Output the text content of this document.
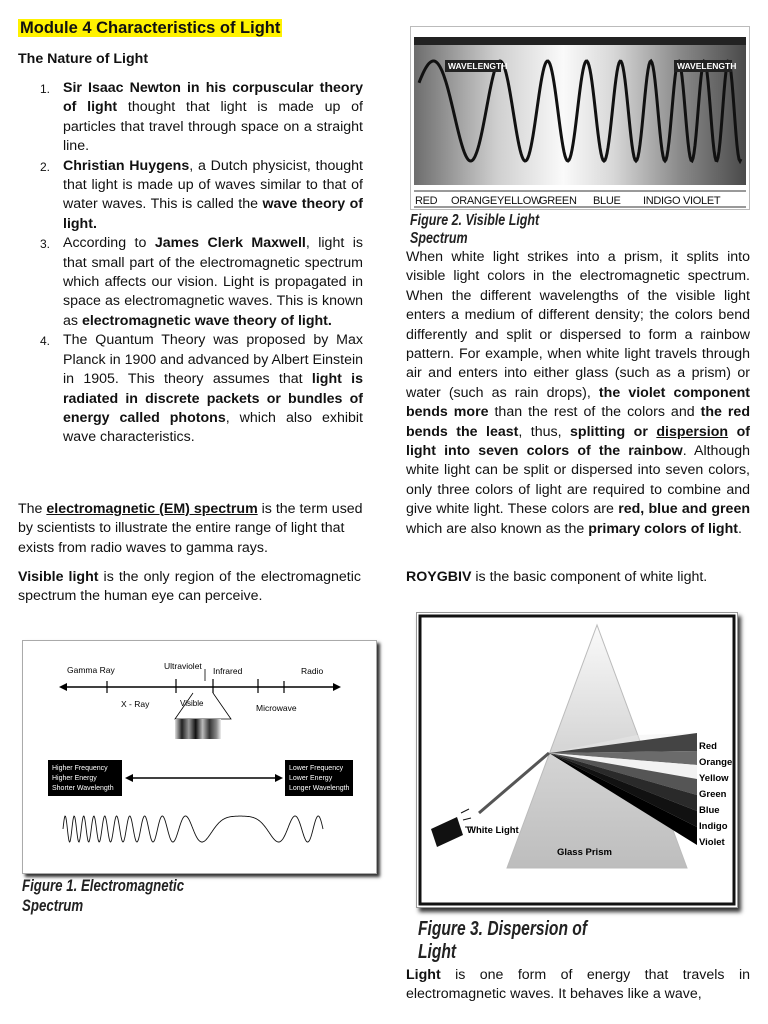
Module 4 Characteristics of Light
The Nature of Light
1. Sir Isaac Newton in his corpuscular theory of light thought that light is made up of particles that travel through space on a straight line.
2. Christian Huygens, a Dutch physicist, thought that light is made up of waves similar to that of water waves. This is called the wave theory of light.
3. According to James Clerk Maxwell, light is that small part of the electromagnetic spectrum which affects our vision. Light is propagated in space as electromagnetic waves. This is known as electromagnetic wave theory of light.
4. The Quantum Theory was proposed by Max Planck in 1900 and advanced by Albert Einstein in 1905. This theory assumes that light is radiated in discrete packets or bundles of energy called photons, which also exhibit wave characteristics.

The electromagnetic (EM) spectrum is the term used by scientists to illustrate the entire range of light that exists from radio waves to gamma rays.

Visible light is the only region of the electromagnetic spectrum the human eye can perceive.

Gamma Ray	Ultraviolet Infrared	Radio
X - Ray	Visible	Microwave
Higher Frequency
Higher Energy
Shorter Wavelength
Lower Frequency
Lower Energy
Longer Wavelength
Figure 1. Electromagnetic Spectrum
WAVELENGTH	WAVELENGTH
RED ORANGE YELLOW
GREEN BLUE INDIGO VIOLET
Figure 2. Visible Light Spectrum

When white light strikes into a prism, it splits into visible light colors in the electromagnetic spectrum. When the different wavelengths of the visible light enters a medium of different density; the colors bend differently and split or dispersed to form a rainbow pattern. For example, when white light travels through air and enters into either glass (such as a prism) or water (such as rain drops), the violet component bends more than the rest of the colors and the red bends the least, thus, splitting or dispersion of light into seven colors of the rainbow. Although white light can be split or dispersed into seven colors, only three colors of light are required to combine and give white light. These colors are red, blue and green which are also known as the primary colors of light.

ROYGBIV is the basic component of white light.

White Light
Glass Prism
Red
Orange
Yellow
Green
Blue
Indigo
Violet
Figure 3. Dispersion of Light

Light is one form of energy that travels in electromagnetic waves. It behaves like a wave,
